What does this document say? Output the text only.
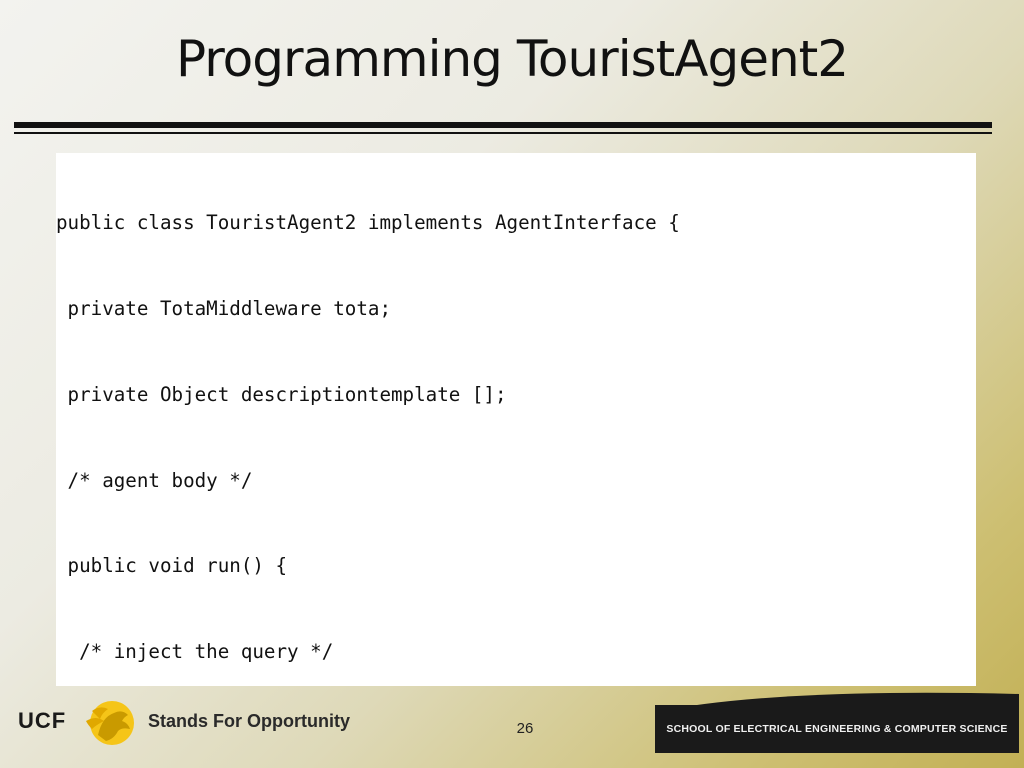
Programming TouristAgent2

public class TouristAgent2 implements AgentInterface {

private TotaMiddleware tota;

private Object descriptiontemplate [];

/* agent body */

public void run() {

/* inject the query */

UCF	Stands For Opportunity	26	SCHOOL OF ELECTRICAL ENGINEERING & COMPUTER SCIENCE
